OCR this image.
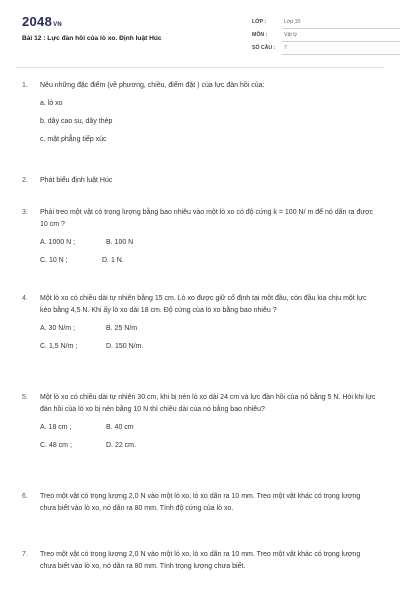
2048VN
Bài 12 : Lực đàn hồi của lò xo. Định luật Húc
LỚP :	Lớp 10
MÔN :	Vật lý
SỐ CÂU : 7
1. Nêu những đặc điểm (về phương, chiều, điểm đặt ) của lực đàn hồi của:
a. lò xo
b. dây cao su, dây thép
c. mặt phẳng tiếp xúc
2. Phát biểu định luật Húc
3. Phải treo một vật có trọng lượng bằng bao nhiêu vào một lò xo có độ cứng k = 100 N/ m để nó dãn ra được 10 cm ?
A. 1000 N ;	B. 100 N
C. 10 N ;	D. 1 N.
4. Một lò xo có chiều dài tự nhiên bằng 15 cm. Lò xo được giữ cố định tại một đầu, còn đầu kia chịu một lực kéo bằng 4,5 N. Khi ấy lò xo dài 18 cm. Độ cứng của lò xo bằng bao nhiêu ?
A. 30 N/m ;	B. 25 N/m
C. 1,5 N/m ;	D. 150 N/m.
5. Một lò xo có chiều dài tự nhiên 30 cm, khi bị nén lò xo dài 24 cm và lực đàn hồi của nó bằng 5 N. Hỏi khi lực đàn hồi của lò xo bị nén bằng 10 N thì chiều dài của nó bằng bao nhiêu?
A. 18 cm ;	B. 40 cm
C. 48 cm ;	D. 22 cm.
6. Treo một vật có trọng lượng 2,0 N vào một lò xo, lò xo dãn ra 10 mm. Treo một vật khác có trọng lượng chưa biết vào lò xo, nó dãn ra 80 mm. Tính độ cứng của lò xo.
7. Treo một vật có trọng lượng 2,0 N vào một lò xo, lò xo dãn ra 10 mm. Treo một vật khác có trọng lượng chưa biết vào lò xo, nó dãn ra 80 mm. Tính trọng lượng chưa biết.
